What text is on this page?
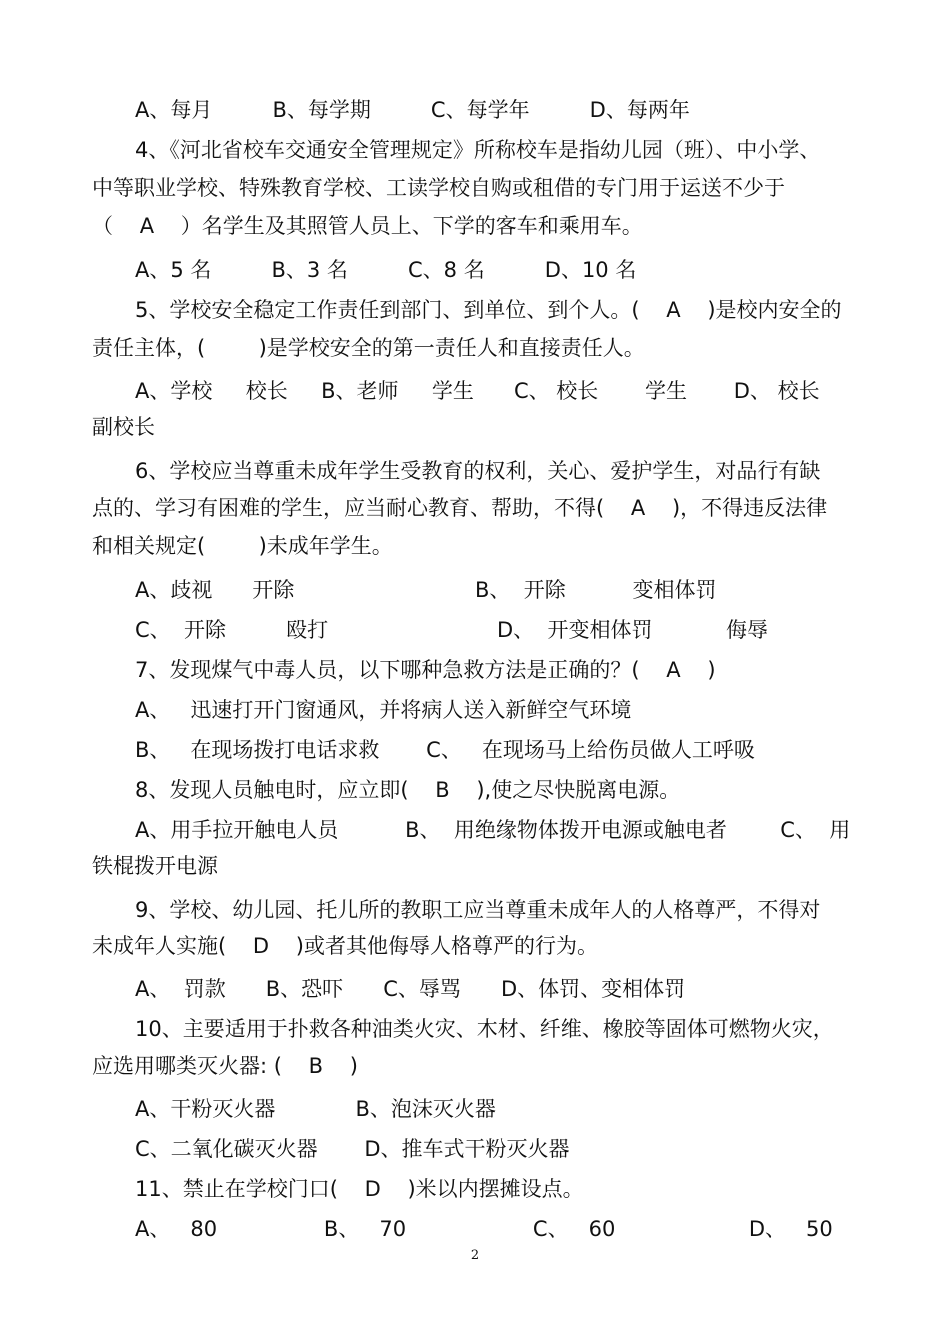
A、每月         B、每学期         C、每学年         D、每两年
4、《河北省校车交通安全管理规定》所称校车是指幼儿园（班）、中小学、
中等职业学校、特殊教育学校、工读学校自购或租借的专门用于运送不少于
（    A    ）名学生及其照管人员上、下学的客车和乘用车。
A、5 名         B、3 名         C、8 名         D、10 名
5、学校安全稳定工作责任到部门、到单位、到个人。(    A    )是校内安全的
责任主体，(        )是学校安全的第一责任人和直接责任人。
A、学校     校长     B、老师     学生      C、 校长       学生       D、 校长
副校长
6、学校应当尊重未成年学生受教育的权利，关心、爱护学生，对品行有缺
点的、学习有困难的学生，应当耐心教育、帮助，不得(    A    )，不得违反法律
和相关规定(        )未成年学生。
A、歧视      开除	B、  开除          变相体罚
C、  开除         殴打	D、  开变相体罚           侮辱
7、发现煤气中毒人员，以下哪种急救方法是正确的？(    A    )
A、   迅速打开门窗通风，并将病人送入新鲜空气环境
B、   在现场拨打电话求救       C、   在现场马上给伤员做人工呼吸
8、发现人员触电时，应立即(    B    ),使之尽快脱离电源。
A、用手拉开触电人员          B、  用绝缘物体拨开电源或触电者        C、  用
铁棍拨开电源
9、学校、幼儿园、托儿所的教职工应当尊重未成年人的人格尊严，不得对
未成年人实施(    D    )或者其他侮辱人格尊严的行为。
A、  罚款      B、恐吓      C、辱骂      D、体罚、变相体罚
10、主要适用于扑救各种油类火灾、木材、纤维、橡胶等固体可燃物火灾，
应选用哪类灭火器: (    B    )
A、干粉灭火器            B、泡沫灭火器
C、二氧化碳灭火器       D、推车式干粉灭火器
11、禁止在学校门口(    D    )米以内摆摊设点。
A、   80                B、   70                   C、   60                    D、   50
2
